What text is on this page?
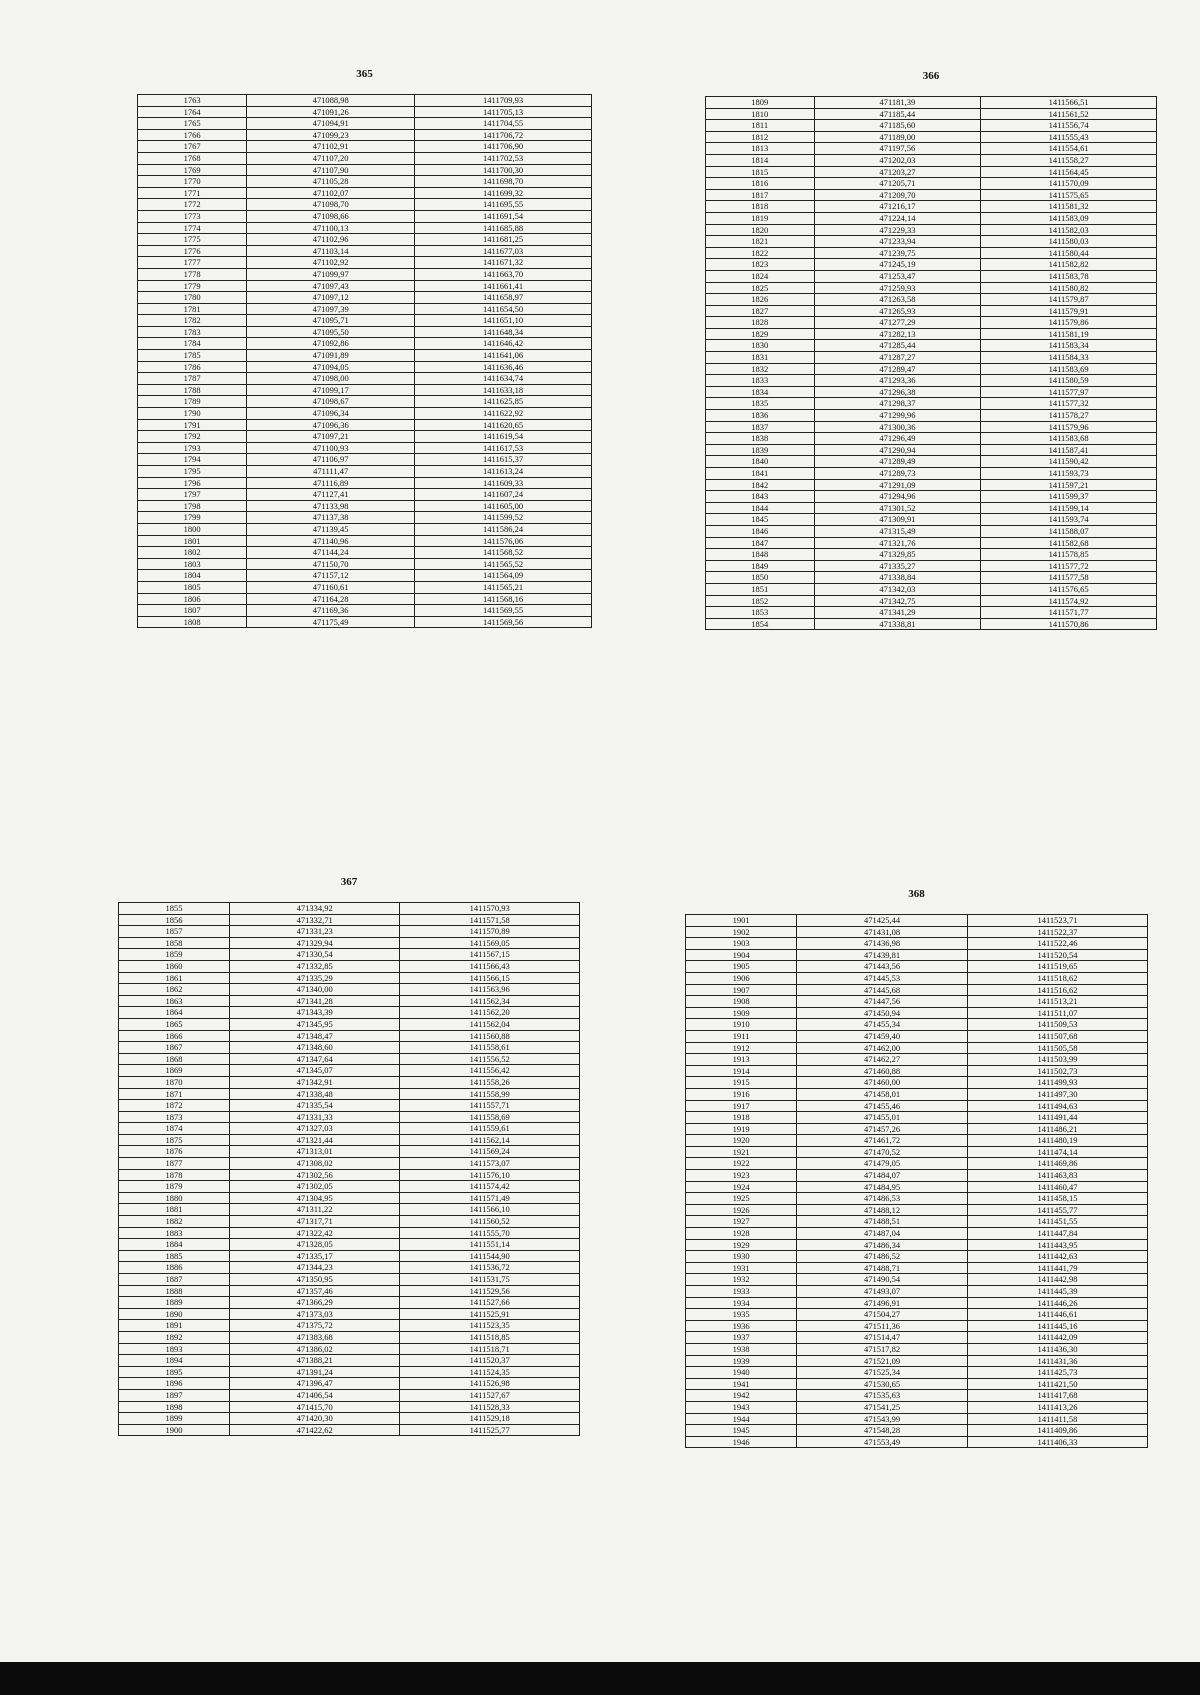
365
1763	471088,98	1411709,93
1764	471091,26	1411705,13
1765	471094,91	1411704,55
1766	471099,23	1411706,72
1767	471102,91	1411706,90
1768	471107,20	1411702,53
1769	471107,90	1411700,30
1770	471105,28	1411698,70
1771	471102,07	1411699,32
1772	471098,70	1411695,55
1773	471098,66	1411691,54
1774	471100,13	1411685,88
1775	471102,96	1411681,25
1776	471103,14	1411677,03
1777	471102,92	1411671,32
1778	471099,97	1411663,70
1779	471097,43	1411661,41
1780	471097,12	1411658,97
1781	471097,39	1411654,50
1782	471095,71	1411651,10
1783	471095,50	1411648,34
1784	471092,86	1411646,42
1785	471091,89	1411641,06
1786	471094,05	1411636,46
1787	471098,00	1411634,74
1788	471099,17	1411633,18
1789	471098,67	1411625,85
1790	471096,34	1411622,92
1791	471096,36	1411620,65
1792	471097,21	1411619,54
1793	471100,93	1411617,53
1794	471106,97	1411615,37
1795	471111,47	1411613,24
1796	471116,89	1411609,33
1797	471127,41	1411607,24
1798	471133,98	1411605,00
1799	471137,38	1411599,52
1800	471139,45	1411586,24
1801	471140,96	1411576,06
1802	471144,24	1411568,52
1803	471150,70	1411565,52
1804	471157,12	1411564,09
1805	471160,61	1411565,21
1806	471164,28	1411568,16
1807	471169,36	1411569,55
1808	471175,49	1411569,56
366
1809	471181,39	1411566,51
1810	471185,44	1411561,52
1811	471185,60	1411556,74
1812	471189,00	1411555,43
1813	471197,56	1411554,61
1814	471202,03	1411558,27
1815	471203,27	1411564,45
1816	471205,71	1411570,09
1817	471209,70	1411575,65
1818	471216,17	1411581,32
1819	471224,14	1411583,09
1820	471229,33	1411582,03
1821	471233,94	1411580,03
1822	471239,75	1411580,44
1823	471245,19	1411582,82
1824	471253,47	1411583,78
1825	471259,93	1411580,82
1826	471263,58	1411579,87
1827	471265,93	1411579,91
1828	471277,29	1411579,86
1829	471282,13	1411581,19
1830	471285,44	1411583,34
1831	471287,27	1411584,33
1832	471289,47	1411583,69
1833	471293,36	1411580,59
1834	471296,38	1411577,97
1835	471298,37	1411577,32
1836	471299,96	1411578,27
1837	471300,36	1411579,96
1838	471296,49	1411583,68
1839	471290,94	1411587,41
1840	471289,49	1411590,42
1841	471289,73	1411593,73
1842	471291,09	1411597,21
1843	471294,96	1411599,37
1844	471301,52	1411599,14
1845	471309,91	1411593,74
1846	471315,49	1411588,07
1847	471321,76	1411582,68
1848	471329,85	1411578,85
1849	471335,27	1411577,72
1850	471338,84	1411577,58
1851	471342,03	1411576,65
1852	471342,75	1411574,92
1853	471341,29	1411571,77
1854	471338,81	1411570,86
367
1855	471334,92	1411570,93
1856	471332,71	1411571,58
1857	471331,23	1411570,89
1858	471329,94	1411569,05
1859	471330,54	1411567,15
1860	471332,85	1411566,43
1861	471335,29	1411566,15
1862	471340,00	1411563,96
1863	471341,28	1411562,34
1864	471343,39	1411562,20
1865	471345,95	1411562,04
1866	471348,47	1411560,88
1867	471348,60	1411558,61
1868	471347,64	1411556,52
1869	471345,07	1411556,42
1870	471342,91	1411558,26
1871	471338,48	1411558,99
1872	471335,54	1411557,71
1873	471331,33	1411558,69
1874	471327,03	1411559,61
1875	471321,44	1411562,14
1876	471313,01	1411569,24
1877	471308,02	1411573,07
1878	471302,56	1411576,10
1879	471302,05	1411574,42
1880	471304,95	1411571,49
1881	471311,22	1411566,10
1882	471317,71	1411560,52
1883	471322,42	1411555,70
1884	471328,05	1411551,14
1885	471335,17	1411544,90
1886	471344,23	1411536,72
1887	471350,95	1411531,75
1888	471357,46	1411529,56
1889	471366,29	1411527,66
1890	471373,03	1411525,91
1891	471375,72	1411523,35
1892	471383,68	1411518,85
1893	471386,02	1411518,71
1894	471388,21	1411520,37
1895	471391,24	1411524,35
1896	471396,47	1411526,98
1897	471406,54	1411527,67
1898	471415,70	1411528,33
1899	471420,30	1411529,18
1900	471422,62	1411525,77
368
1901	471425,44	1411523,71
1902	471431,08	1411522,37
1903	471436,98	1411522,46
1904	471439,81	1411520,54
1905	471443,56	1411519,65
1906	471445,53	1411518,62
1907	471445,68	1411516,62
1908	471447,56	1411513,21
1909	471450,94	1411511,07
1910	471455,34	1411509,53
1911	471459,40	1411507,68
1912	471462,00	1411505,58
1913	471462,27	1411503,99
1914	471460,88	1411502,73
1915	471460,00	1411499,93
1916	471458,01	1411497,30
1917	471455,46	1411494,63
1918	471455,01	1411491,44
1919	471457,26	1411486,21
1920	471461,72	1411480,19
1921	471470,52	1411474,14
1922	471479,05	1411469,86
1923	471484,07	1411463,83
1924	471484,95	1411460,47
1925	471486,53	1411458,15
1926	471488,12	1411455,77
1927	471488,51	1411451,55
1928	471487,04	1411447,84
1929	471486,34	1411443,95
1930	471486,52	1411442,63
1931	471488,71	1411441,79
1932	471490,54	1411442,98
1933	471493,07	1411445,39
1934	471496,91	1411446,26
1935	471504,27	1411446,61
1936	471511,36	1411445,16
1937	471514,47	1411442,09
1938	471517,82	1411436,30
1939	471521,09	1411431,36
1940	471525,34	1411425,73
1941	471530,65	1411421,50
1942	471535,63	1411417,68
1943	471541,25	1411413,26
1944	471543,99	1411411,58
1945	471548,28	1411409,86
1946	471553,49	1411406,33
